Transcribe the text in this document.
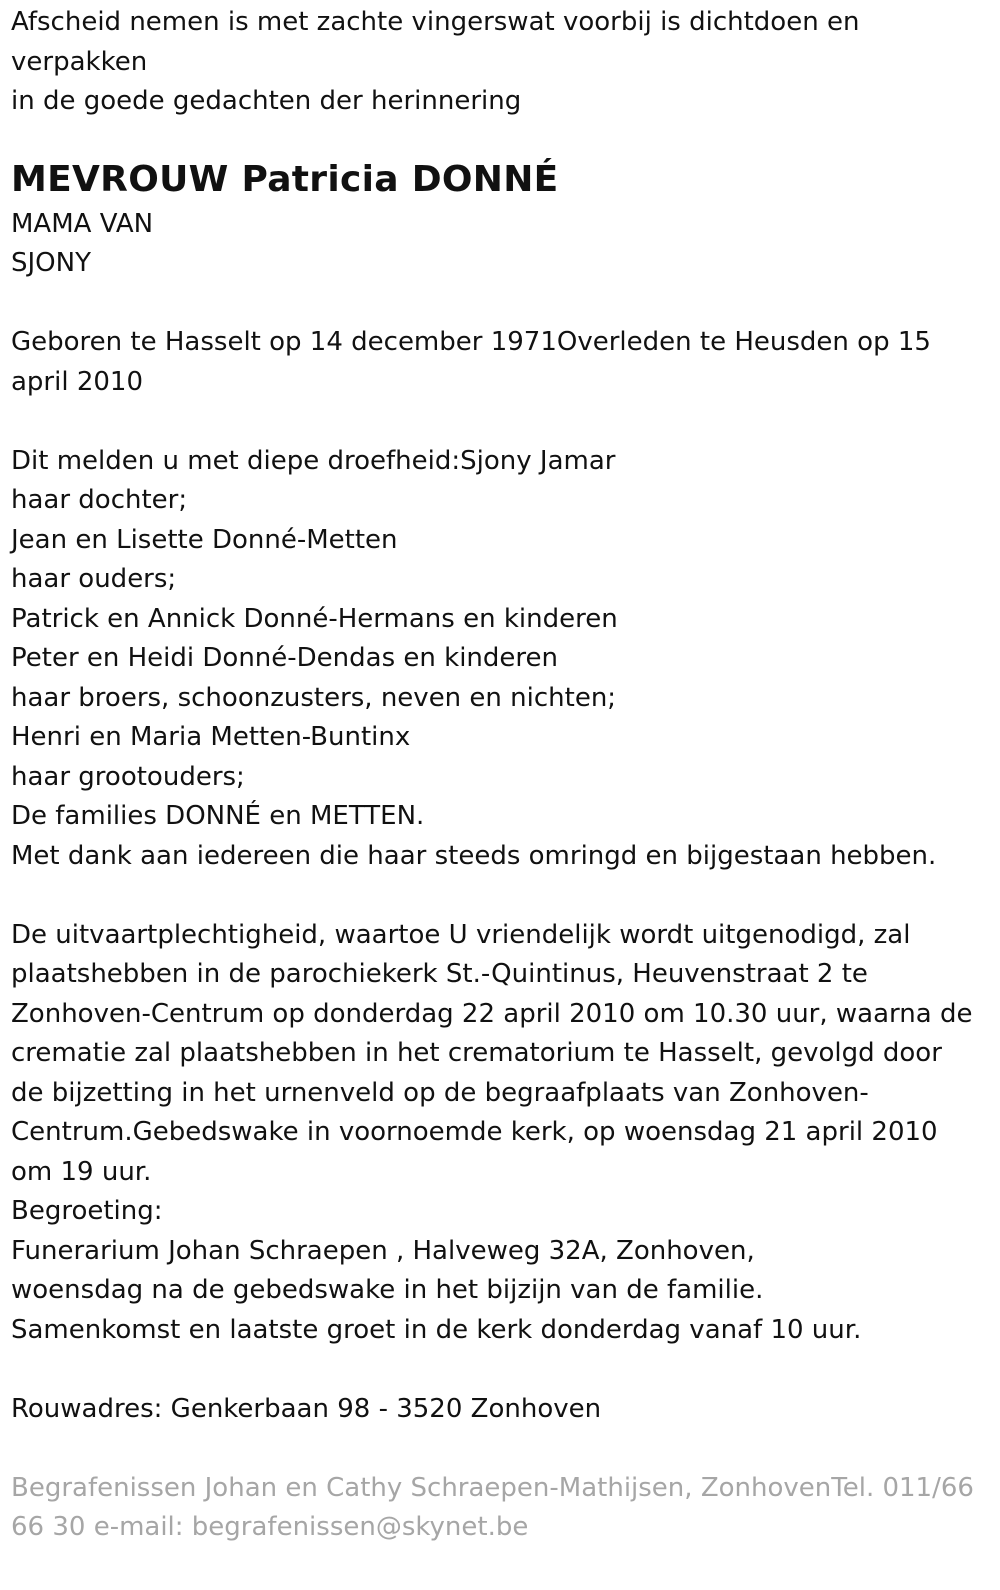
Afscheid nemen is met zachte vingerswat voorbij is dichtdoen en

verpakken

in de goede gedachten der herinnering

MEVROUW Patricia DONNÉ

MAMA VAN

SJONY

Geboren te Hasselt op 14 december 1971Overleden te Heusden op 15

april 2010

Dit melden u met diepe droefheid:Sjony Jamar

haar dochter;

Jean en Lisette Donné-Metten

haar ouders;

Patrick en Annick Donné-Hermans en kinderen

Peter en Heidi Donné-Dendas en kinderen

haar broers, schoonzusters, neven en nichten;

Henri en Maria Metten-Buntinx

haar grootouders;

De families DONNÉ en METTEN.

Met dank aan iedereen die haar steeds omringd en bijgestaan hebben.

De uitvaartplechtigheid, waartoe U vriendelijk wordt uitgenodigd, zal

plaatshebben in de parochiekerk St.-Quintinus, Heuvenstraat 2 te

Zonhoven-Centrum op donderdag 22 april 2010 om 10.30 uur, waarna de

crematie zal plaatshebben in het crematorium te Hasselt, gevolgd door

de bijzetting in het urnenveld op de begraafplaats van Zonhoven-

Centrum.Gebedswake in voornoemde kerk, op woensdag 21 april 2010

om 19 uur.

Begroeting:

Funerarium Johan Schraepen , Halveweg 32A, Zonhoven,

woensdag na de gebedswake in het bijzijn van de familie.

Samenkomst en laatste groet in de kerk donderdag vanaf 10 uur.

Rouwadres: Genkerbaan 98 - 3520 Zonhoven

Begrafenissen Johan en Cathy Schraepen-Mathijsen, ZonhovenTel. 011/66

66 30 e-mail: begrafenissen@skynet.be
